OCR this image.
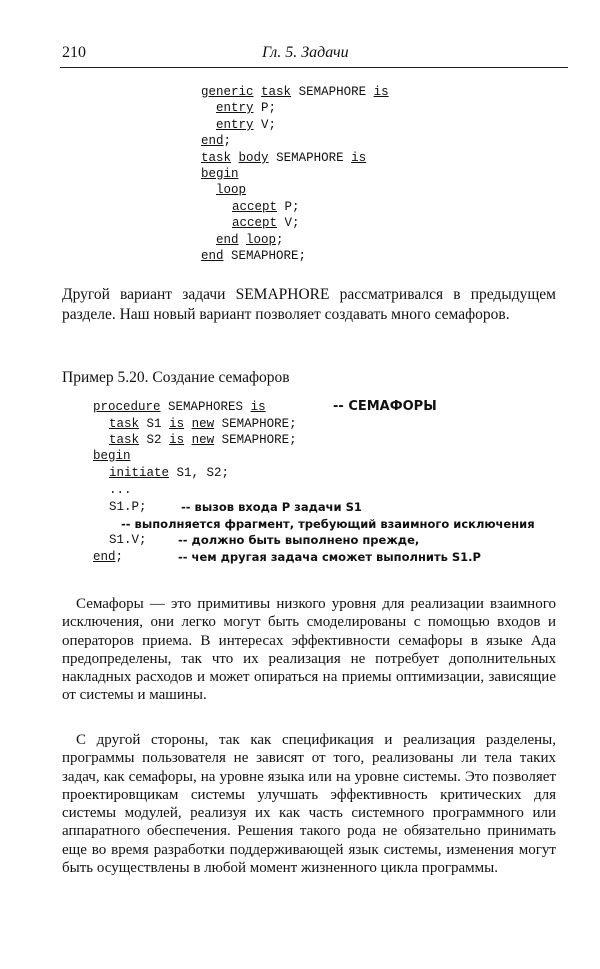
210	Гл. 5. Задачи
generic task SEMAPHORE is
entry P;
entry V;
end;
task body SEMAPHORE is
begin
loop
accept P;
accept V;
end loop;
end SEMAPHORE;
Другой вариант задачи SEMAPHORE рассматривался в предыдущем разделе. Наш новый вариант позволяет создавать много семафоров.
Пример 5.20. Создание семафоров
procedure SEMAPHORES is	-- СЕМАФОРЫ
task S1 is new SEMAPHORE;
task S2 is new SEMAPHORE;
begin
initiate S1, S2;
...
S1.P;	-- вызов входа P задачи S1
-- выполняется фрагмент, требующий взаимного исключения
S1.V;	-- должно быть выполнено прежде,
end;	-- чем другая задача сможет выполнить S1.P
Семафоры — это примитивы низкого уровня для реализации взаимного исключения, они легко могут быть смоделированы с помощью входов и операторов приема. В интересах эффективности семафоры в языке Ада предопределены, так что их реализация не потребует дополнительных накладных расходов и может опираться на приемы оптимизации, зависящие от системы и машины.
С другой стороны, так как спецификация и реализация разделены, программы пользователя не зависят от того, реализованы ли тела таких задач, как семафоры, на уровне языка или на уровне системы. Это позволяет проектировщикам системы улучшать эффективность критических для системы модулей, реализуя их как часть системного программного или аппаратного обеспечения. Решения такого рода не обязательно принимать еще во время разработки поддерживающей язык системы, изменения могут быть осуществлены в любой момент жизненного цикла программы.
